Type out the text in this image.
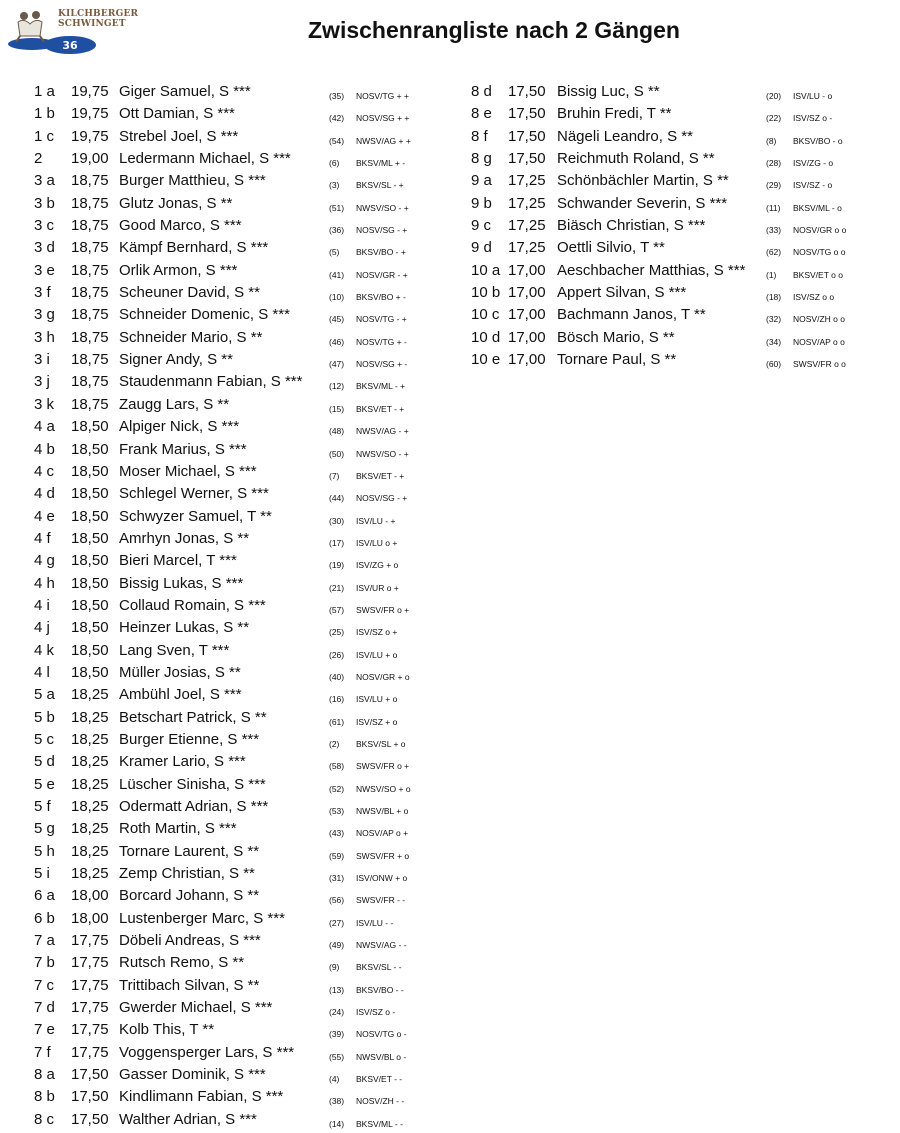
KILCHBERGER
SCHWINGET
36
Zwischenrangliste nach 2 Gängen
1 a 19,75 Giger Samuel, S ***	(35) NOSV/TG + +
1 b 19,75 Ott Damian, S ***	(42) NOSV/SG + +
1 c 19,75 Strebel Joel, S ***	(54) NWSV/AG + +
2 19,00 Ledermann Michael, S ***	(6) BKSV/ML + -
3 a 18,75 Burger Matthieu, S ***	(3) BKSV/SL - +
3 b 18,75 Glutz Jonas, S **	(51) NWSV/SO - +
3 c 18,75 Good Marco, S ***	(36) NOSV/SG - +
3 d 18,75 Kämpf Bernhard, S ***	(5) BKSV/BO - +
3 e 18,75 Orlik Armon, S ***	(41) NOSV/GR - +
3 f 18,75 Scheuner David, S **	(10) BKSV/BO + -
3 g 18,75 Schneider Domenic, S ***	(45) NOSV/TG - +
3 h 18,75 Schneider Mario, S **	(46) NOSV/TG + -
3 i 18,75 Signer Andy, S **	(47) NOSV/SG + -
3 j 18,75 Staudenmann Fabian, S ***	(12) BKSV/ML - +
3 k 18,75 Zaugg Lars, S **	(15) BKSV/ET - +
4 a 18,50 Alpiger Nick, S ***	(48) NWSV/AG - +
4 b 18,50 Frank Marius, S ***	(50) NWSV/SO - +
4 c 18,50 Moser Michael, S ***	(7) BKSV/ET - +
4 d 18,50 Schlegel Werner, S ***	(44) NOSV/SG - +
4 e 18,50 Schwyzer Samuel, T **	(30) ISV/LU - +
4 f 18,50 Amrhyn Jonas, S **	(17) ISV/LU o +
4 g 18,50 Bieri Marcel, T ***	(19) ISV/ZG + o
4 h 18,50 Bissig Lukas, S ***	(21) ISV/UR o +
4 i 18,50 Collaud Romain, S ***	(57) SWSV/FR o +
4 j 18,50 Heinzer Lukas, S **	(25) ISV/SZ o +
4 k 18,50 Lang Sven, T ***	(26) ISV/LU + o
4 l 18,50 Müller Josias, S **	(40) NOSV/GR + o
5 a 18,25 Ambühl Joel, S ***	(16) ISV/LU + o
5 b 18,25 Betschart Patrick, S **	(61) ISV/SZ + o
5 c 18,25 Burger Etienne, S ***	(2) BKSV/SL + o
5 d 18,25 Kramer Lario, S ***	(58) SWSV/FR o +
5 e 18,25 Lüscher Sinisha, S ***	(52) NWSV/SO + o
5 f 18,25 Odermatt Adrian, S ***	(53) NWSV/BL + o
5 g 18,25 Roth Martin, S ***	(43) NOSV/AP o +
5 h 18,25 Tornare Laurent, S **	(59) SWSV/FR + o
5 i 18,25 Zemp Christian, S **	(31) ISV/ONW + o
6 a 18,00 Borcard Johann, S **	(56) SWSV/FR - -
6 b 18,00 Lustenberger Marc, S ***	(27) ISV/LU - -
7 a 17,75 Döbeli Andreas, S ***	(49) NWSV/AG - -
7 b 17,75 Rutsch Remo, S **	(9) BKSV/SL - -
7 c 17,75 Trittibach Silvan, S **	(13) BKSV/BO - -
7 d 17,75 Gwerder Michael, S ***	(24) ISV/SZ o -
7 e 17,75 Kolb This, T **	(39) NOSV/TG o -
7 f 17,75 Voggensperger Lars, S ***	(55) NWSV/BL o -
8 a 17,50 Gasser Dominik, S ***	(4) BKSV/ET - -
8 b 17,50 Kindlimann Fabian, S ***	(38) NOSV/ZH - -
8 c 17,50 Walther Adrian, S ***	(14) BKSV/ML - -
8 d 17,50 Bissig Luc, S **	(20) ISV/LU - o
8 e 17,50 Bruhin Fredi, T **	(22) ISV/SZ o -
8 f 17,50 Nägeli Leandro, S **	(8) BKSV/BO - o
8 g 17,50 Reichmuth Roland, S **	(28) ISV/ZG - o
9 a 17,25 Schönbächler Martin, S **	(29) ISV/SZ - o
9 b 17,25 Schwander Severin, S ***	(11) BKSV/ML - o
9 c 17,25 Biäsch Christian, S ***	(33) NOSV/GR o o
9 d 17,25 Oettli Silvio, T **	(62) NOSV/TG o o
10 a 17,00 Aeschbacher Matthias, S *** (1) BKSV/ET o o
10 b 17,00 Appert Silvan, S ***	(18) ISV/SZ o o
10 c 17,00 Bachmann Janos, T **	(32) NOSV/ZH o o
10 d 17,00 Bösch Mario, S **	(34) NOSV/AP o o
10 e 17,00 Tornare Paul, S **	(60) SWSV/FR o o
